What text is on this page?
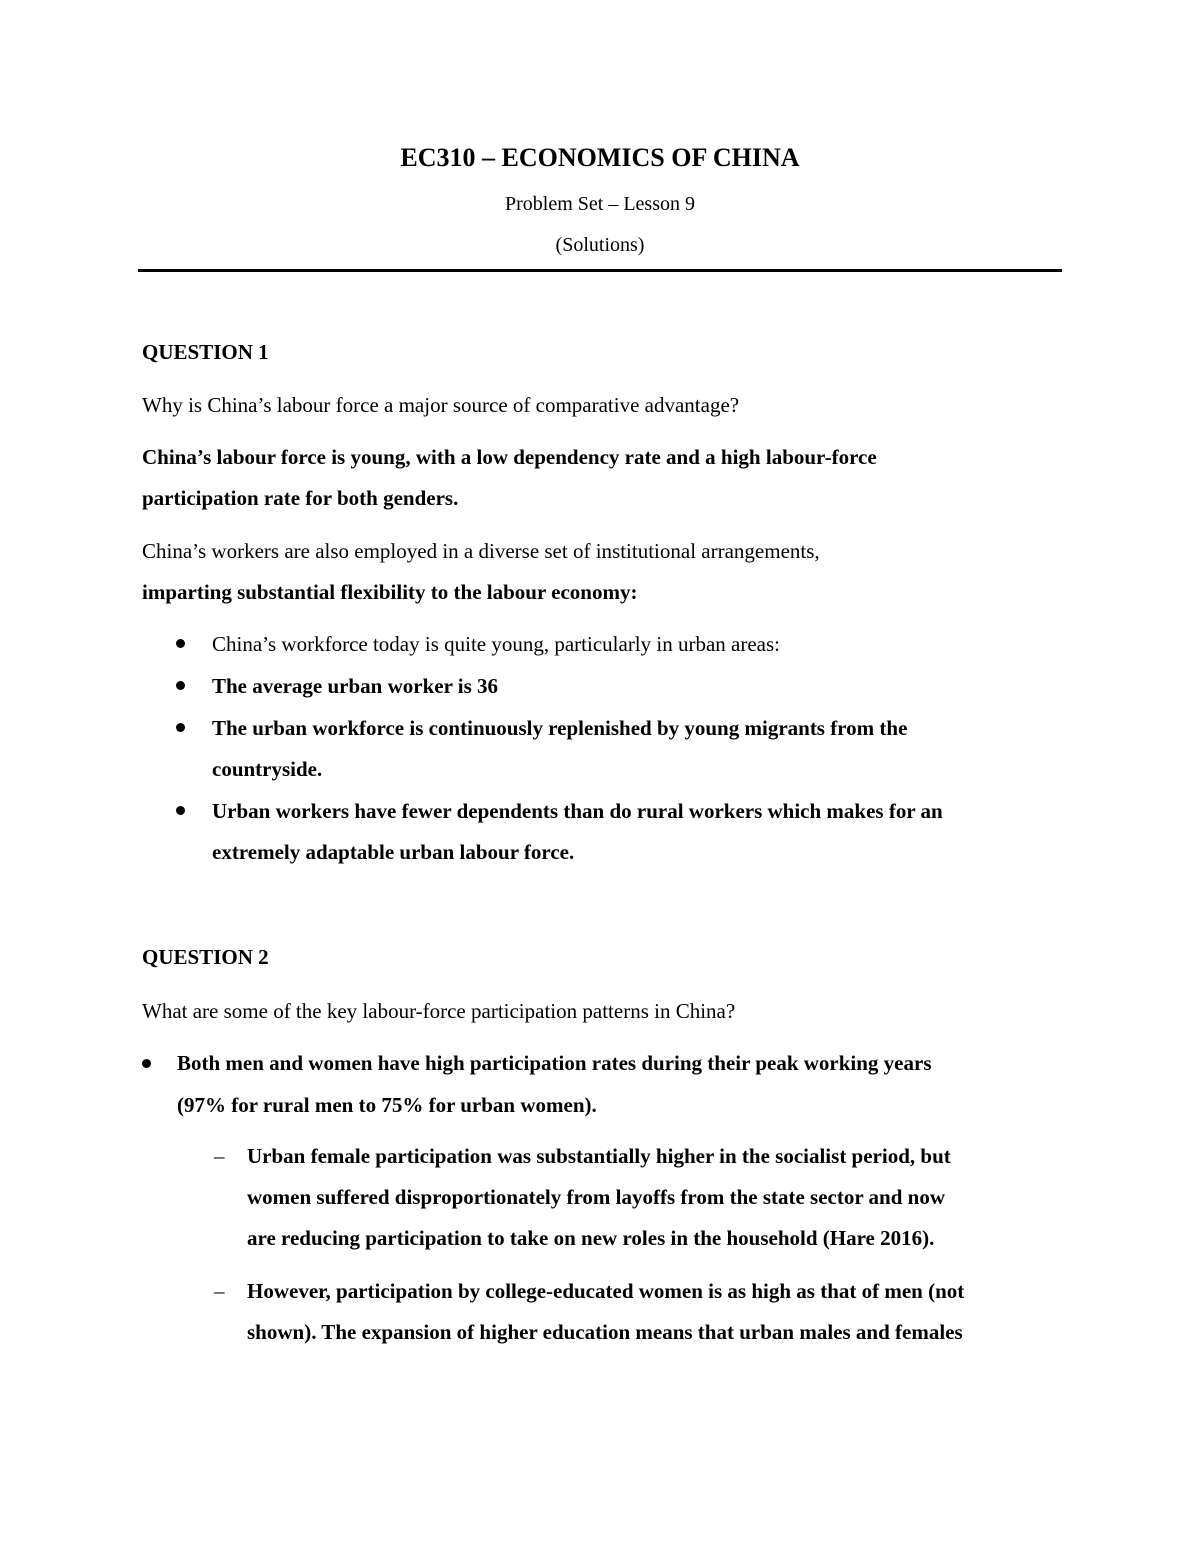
EC310 – ECONOMICS OF CHINA
Problem Set – Lesson 9
(Solutions)
QUESTION 1
Why is China’s labour force a major source of comparative advantage?
China’s labour force is young, with a low dependency rate and a high labour-force
participation rate for both genders.
China’s workers are also employed in a diverse set of institutional arrangements,
imparting substantial flexibility to the labour economy:
China’s workforce today is quite young, particularly in urban areas:
The average urban worker is 36
The urban workforce is continuously replenished by young migrants from the
countryside.
Urban workers have fewer dependents than do rural workers which makes for an
extremely adaptable urban labour force.
QUESTION 2
What are some of the key labour-force participation patterns in China?
Both men and women have high participation rates during their peak working years
(97% for rural men to 75% for urban women).
– Urban female participation was substantially higher in the socialist period, but
women suffered disproportionately from layoffs from the state sector and now
are reducing participation to take on new roles in the household (Hare 2016).
– However, participation by college-educated women is as high as that of men (not
shown). The expansion of higher education means that urban males and females
